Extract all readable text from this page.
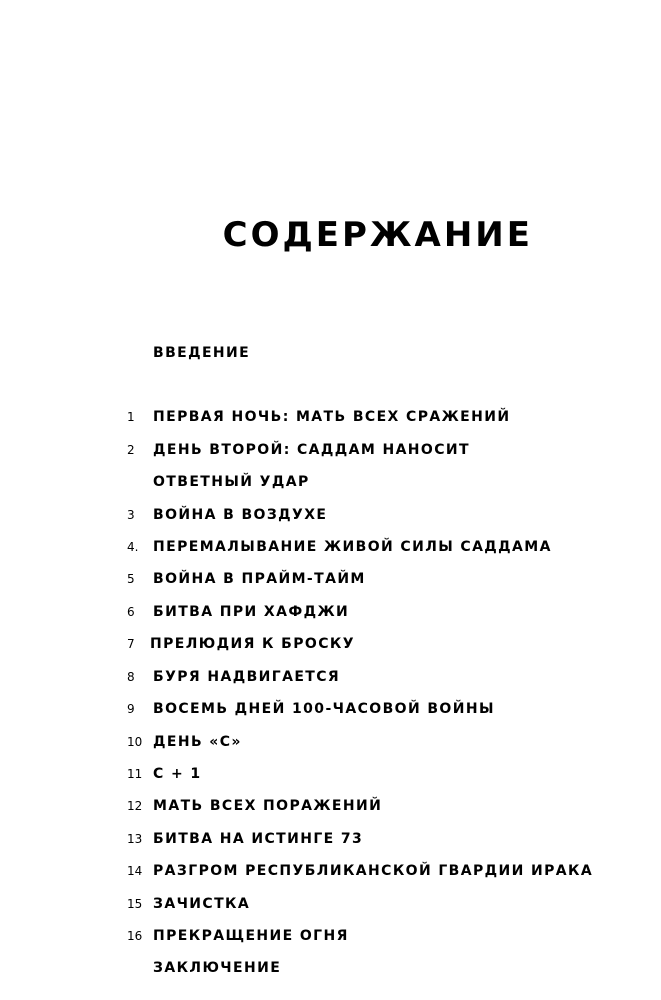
СОДЕРЖАНИЕ
ВВЕДЕНИЕ
1	ПЕРВАЯ НОЧЬ: МАТЬ ВСЕХ СРАЖЕНИЙ
2	ДЕНЬ ВТОРОЙ: САДДАМ НАНОСИТ
ОТВЕТНЫЙ УДАР
3	ВОЙНА В ВОЗДУХЕ
4.	ПЕРЕМАЛЫВАНИЕ ЖИВОЙ СИЛЫ САДДАМА
5	ВОЙНА В ПРАЙМ-ТАЙМ
6	БИТВА ПРИ ХАФДЖИ
7	ПРЕЛЮДИЯ К БРОСКУ
8	БУРЯ НАДВИГАЕТСЯ
9	ВОСЕМЬ ДНЕЙ 100-ЧАСОВОЙ ВОЙНЫ
10 ДЕНЬ «С»
11 С + 1
12 МАТЬ ВСЕХ ПОРАЖЕНИЙ
13 БИТВА НА ИСТИНГЕ 73
14 РАЗГРОМ РЕСПУБЛИКАНСКОЙ ГВАРДИИ ИРАКА
15 ЗАЧИСТКА
16 ПРЕКРАЩЕНИЕ ОГНЯ
ЗАКЛЮЧЕНИЕ
